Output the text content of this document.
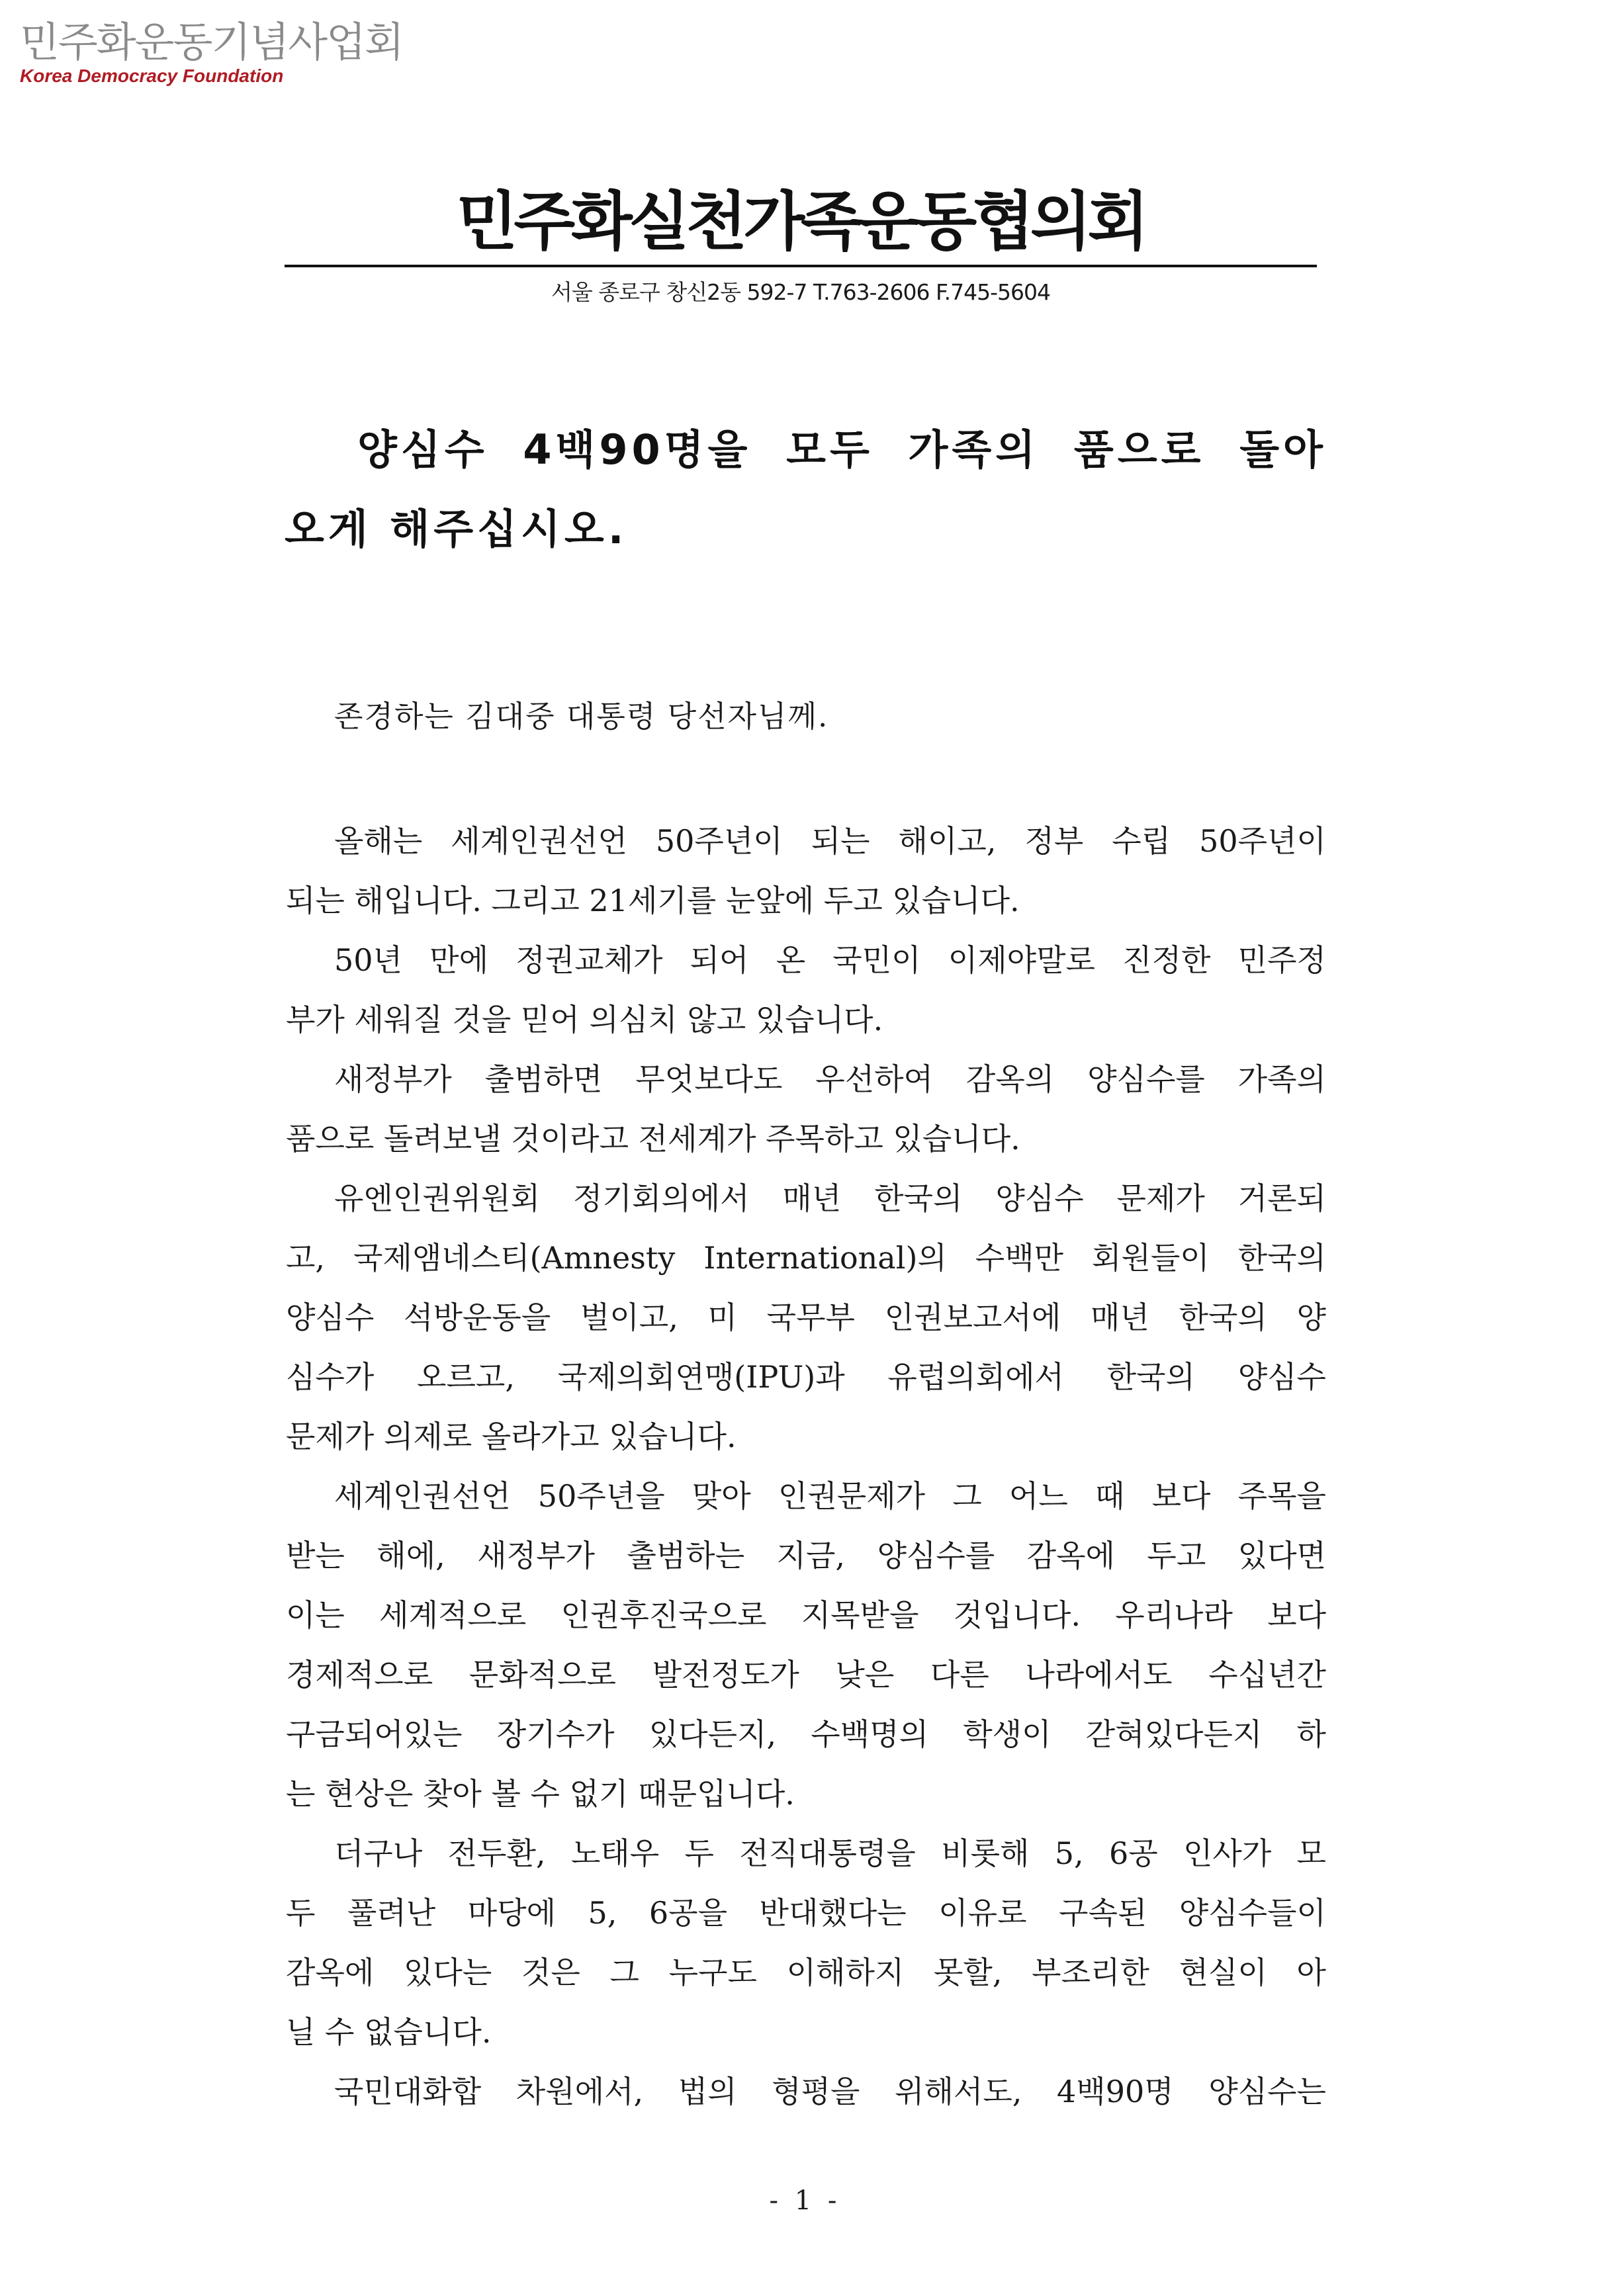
민주화운동기념사업회
Korea Democracy Foundation
민주화실천가족운동협의회
서울 종로구 창신2동 592-7 T.763-2606 F.745-5604
양심수 4백90명을 모두 가족의 품으로 돌아
오게 해주십시오.
존경하는 김대중 대통령 당선자님께.
올해는 세계인권선언 50주년이 되는 해이고, 정부 수립 50주년이
되는 해입니다. 그리고 21세기를 눈앞에 두고 있습니다.
50년 만에 정권교체가 되어 온 국민이 이제야말로 진정한 민주정
부가 세워질 것을 믿어 의심치 않고 있습니다.
새정부가 출범하면 무엇보다도 우선하여 감옥의 양심수를 가족의
품으로 돌려보낼 것이라고 전세계가 주목하고 있습니다.
유엔인권위원회 정기회의에서 매년 한국의 양심수 문제가 거론되
고, 국제앰네스티(Amnesty International)의 수백만 회원들이 한국의
양심수 석방운동을 벌이고, 미 국무부 인권보고서에 매년 한국의 양
심수가 오르고, 국제의회연맹(IPU)과 유럽의회에서 한국의 양심수
문제가 의제로 올라가고 있습니다.
세계인권선언 50주년을 맞아 인권문제가 그 어느 때 보다 주목을
받는 해에, 새정부가 출범하는 지금, 양심수를 감옥에 두고 있다면
이는 세계적으로 인권후진국으로 지목받을 것입니다. 우리나라 보다
경제적으로 문화적으로 발전정도가 낮은 다른 나라에서도 수십년간
구금되어있는 장기수가 있다든지, 수백명의 학생이 갇혀있다든지 하
는 현상은 찾아 볼 수 없기 때문입니다.
더구나 전두환, 노태우 두 전직대통령을 비롯해 5, 6공 인사가 모
두 풀려난 마당에 5, 6공을 반대했다는 이유로 구속된 양심수들이
감옥에 있다는 것은 그 누구도 이해하지 못할, 부조리한 현실이 아
닐 수 없습니다.
국민대화합 차원에서, 법의 형평을 위해서도, 4백90명 양심수는
- 1 -
